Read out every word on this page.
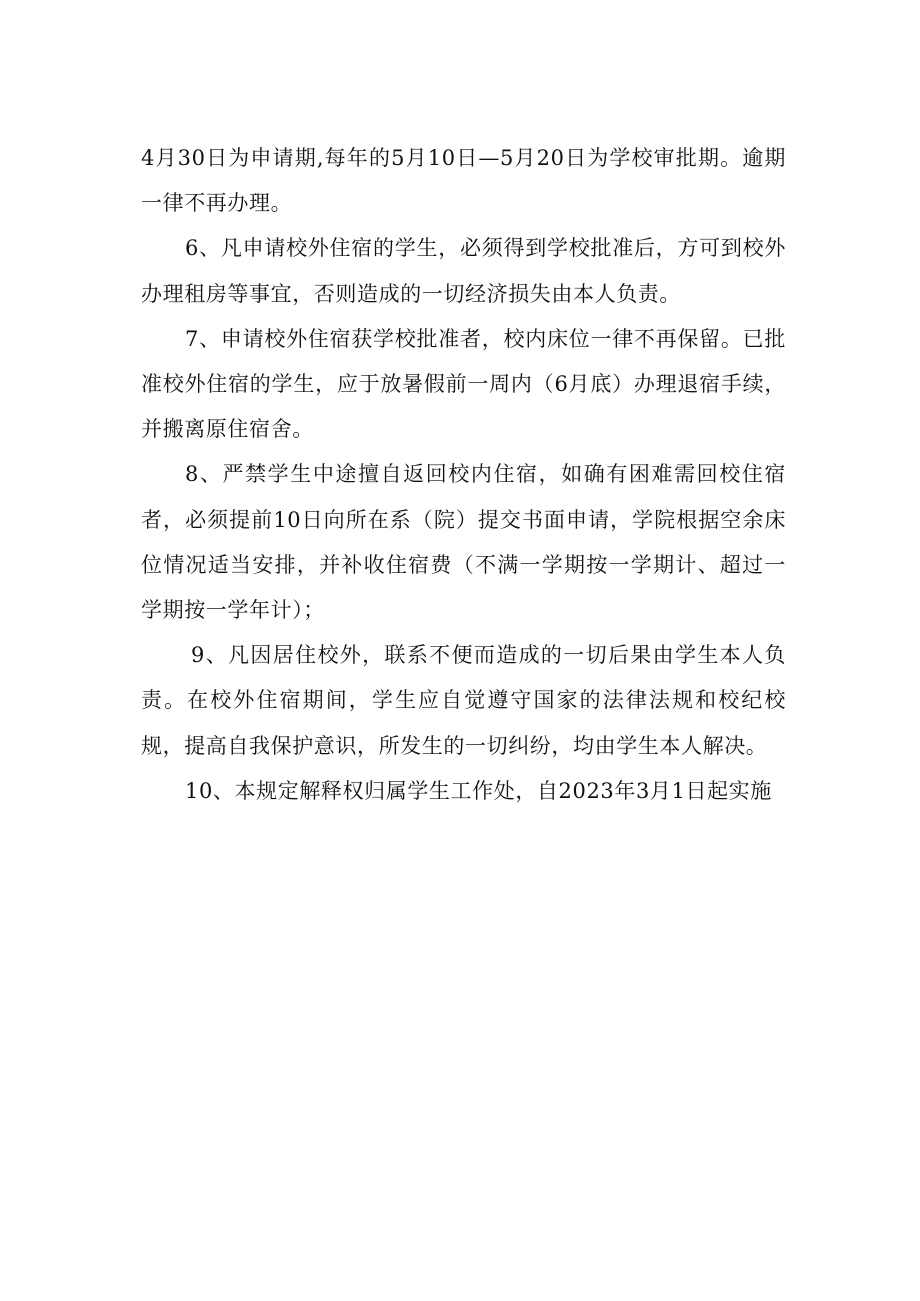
4月30日为申请期,每年的5月10日—5月20日为学校审批期。逾期一律不再办理。

6、凡申请校外住宿的学生，必须得到学校批准后，方可到校外办理租房等事宜，否则造成的一切经济损失由本人负责。

7、申请校外住宿获学校批准者，校内床位一律不再保留。已批准校外住宿的学生，应于放暑假前一周内（6月底）办理退宿手续，并搬离原住宿舍。

8、严禁学生中途擅自返回校内住宿，如确有困难需回校住宿者，必须提前10日向所在系（院）提交书面申请，学院根据空余床位情况适当安排，并补收住宿费（不满一学期按一学期计、超过一学期按一学年计）；

9、凡因居住校外，联系不便而造成的一切后果由学生本人负责。在校外住宿期间，学生应自觉遵守国家的法律法规和校纪校规，提高自我保护意识，所发生的一切纠纷，均由学生本人解决。

10、本规定解释权归属学生工作处，自2023年3月1日起实施
